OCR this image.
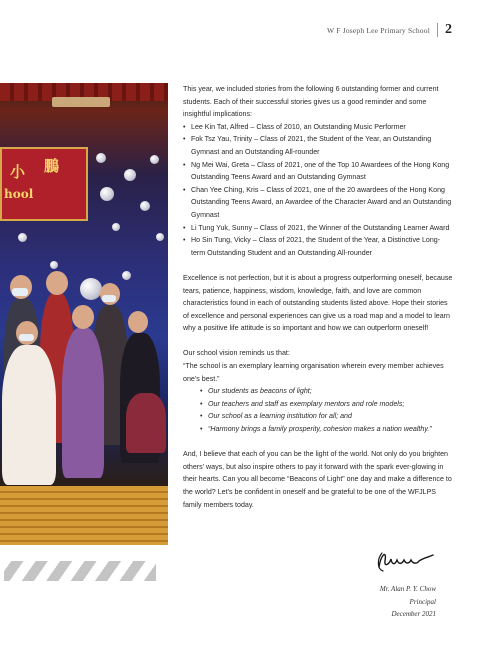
W F Joseph Lee Primary School 2
小 鵬
hool

This year, we included stories from the following 6 outstanding former and current students. Each of their successful stories gives us a good reminder and some insightful implications:

• Lee Kin Tat, Alfred – Class of 2010, an Outstanding Music Performer
• Fok Tsz Yau, Trinity – Class of 2021, the Student of the Year, an Outstanding Gymnast and an Outstanding All-rounder
• Ng Mei Wai, Greta – Class of 2021, one of the Top 10 Awardees of the Hong Kong Outstanding Teens Award and an Outstanding Gymnast
• Chan Yee Ching, Kris – Class of 2021, one of the 20 awardees of the Hong Kong Outstanding Teens Award, an Awardee of the Character Award and an Outstanding Gymnast
• Li Tung Yuk, Sunny – Class of 2021, the Winner of the Outstanding Learner Award
• Ho Sin Tung, Vicky – Class of 2021, the Student of the Year, a Distinctive Long-term Outstanding Student and an Outstanding All-rounder

Excellence is not perfection, but it is about a progress outperforming oneself, because tears, patience, happiness, wisdom, knowledge, faith, and love are common characteristics found in each of outstanding students listed above. Hope their stories of excellence and personal experiences can give us a road map and a model to learn why a positive life attitude is so important and how we can outperform oneself!

Our school vision reminds us that:

“The school is an exemplary learning organisation wherein every member achieves one’s best.”

• Our students as beacons of light;
• Our teachers and staff as exemplary mentors and role models;
• Our school as a learning institution for all; and
• “Harmony brings a family prosperity, cohesion makes a nation wealthy.”

And, I believe that each of you can be the light of the world. Not only do you brighten others’ ways, but also inspire others to pay it forward with the spark ever-glowing in their hearts. Can you all become “Beacons of Light” one day and make a difference to the world? Let’s be confident in oneself and be grateful to be one of the WFJLPS family members today.

Mr. Alan P. Y. Chow
Principal
December 2021
